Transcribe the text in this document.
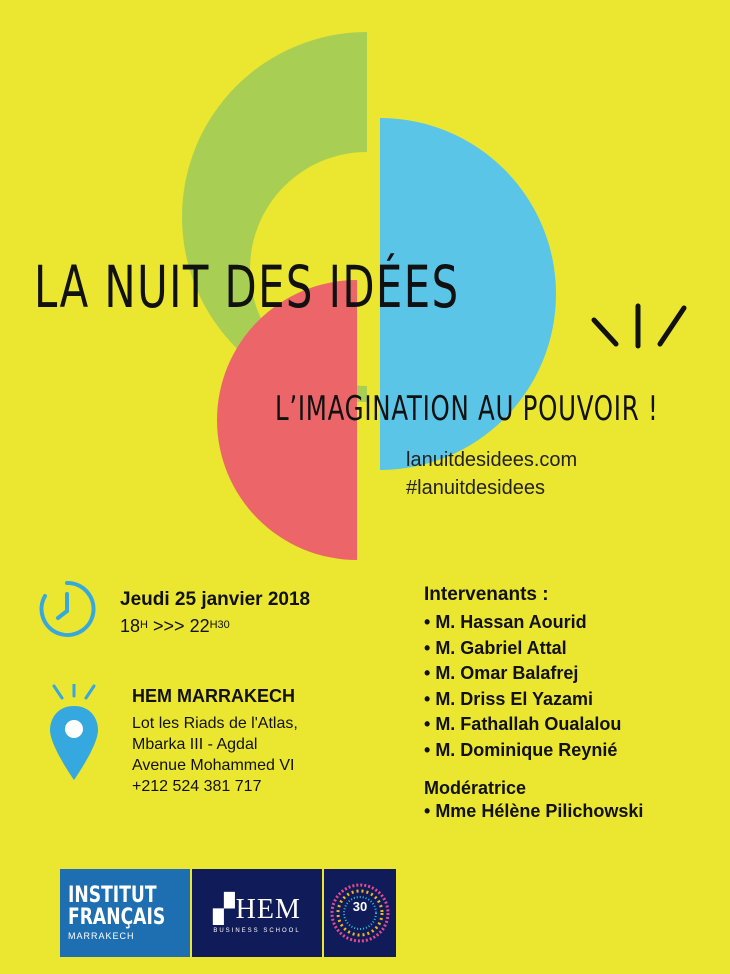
LA NUIT DES IDÉES
L’IMAGINATION AU POUVOIR !
lanuitdesidees.com
#lanuitdesidees
Jeudi 25 janvier 2018
$18^H$ >>> $22^{H30}$
HEM MARRAKECH
Lot les Riads de l'Atlas,
Mbarka III - Agdal
Avenue Mohammed VI
+212 524 381 717
Intervenants :
• M. Hassan Aourid
• M. Gabriel Attal
• M. Omar Balafrej
• M. Driss El Yazami
• M. Fathallah Oualalou
• M. Dominique Reynié
Modératrice
• Mme Hélène Pilichowski
INSTITUT
FRANÇAIS
MARRAKECH
▞HEM
BUSINESS SCHOOL
30
